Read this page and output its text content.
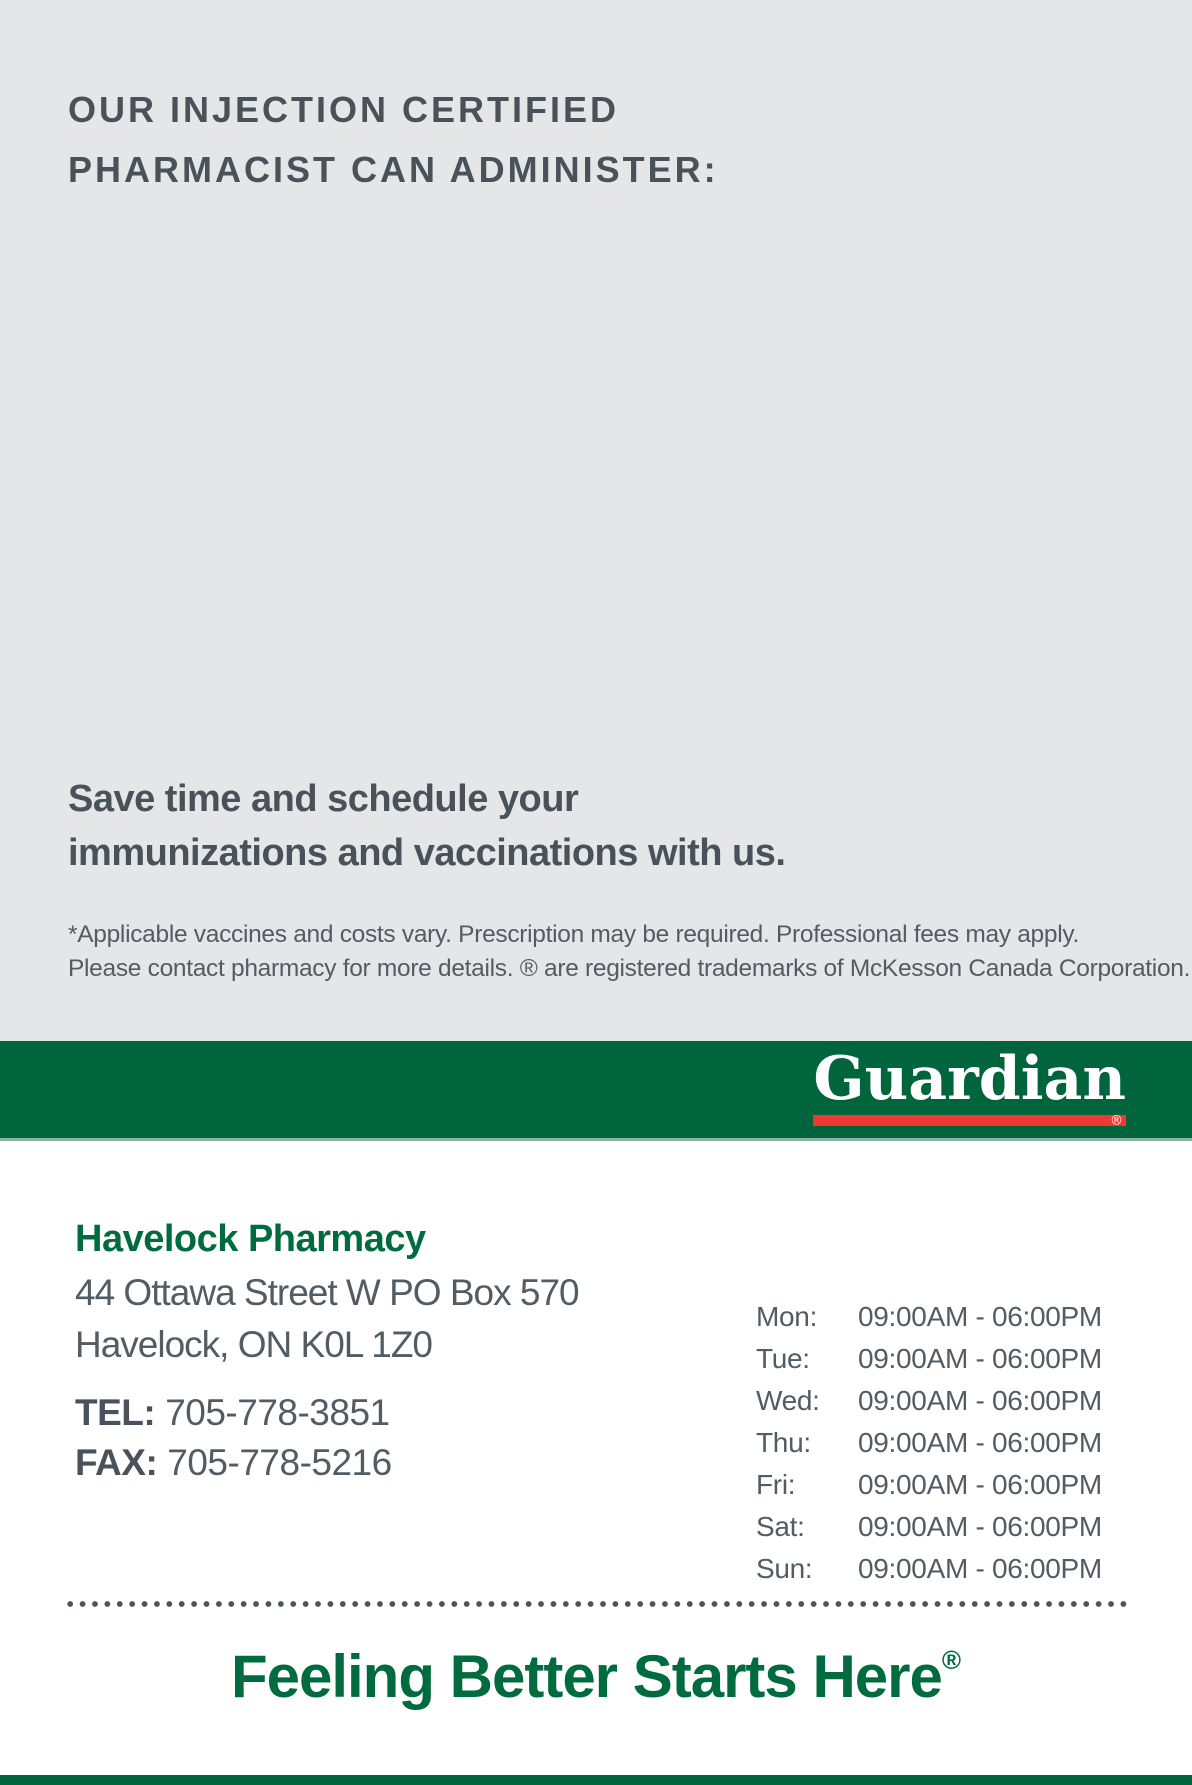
OUR INJECTION CERTIFIED
PHARMACIST CAN ADMINISTER:
Save time and schedule your
immunizations and vaccinations with us.

*Applicable vaccines and costs vary. Prescription may be required. Professional fees may apply.
Please contact pharmacy for more details. ® are registered trademarks of McKesson Canada Corporation.

Guardian
®
Havelock Pharmacy
44 Ottawa Street W PO Box 570
Havelock, ON K0L 1Z0
TEL: 705-778-3851
FAX: 705-778-5216
Mon:	09:00AM - 06:00PM
Tue:	09:00AM - 06:00PM
Wed:	09:00AM - 06:00PM
Thu:	09:00AM - 06:00PM
Fri:	09:00AM - 06:00PM
Sat:	09:00AM - 06:00PM
Sun:	09:00AM - 06:00PM
Feeling Better Starts Here®
